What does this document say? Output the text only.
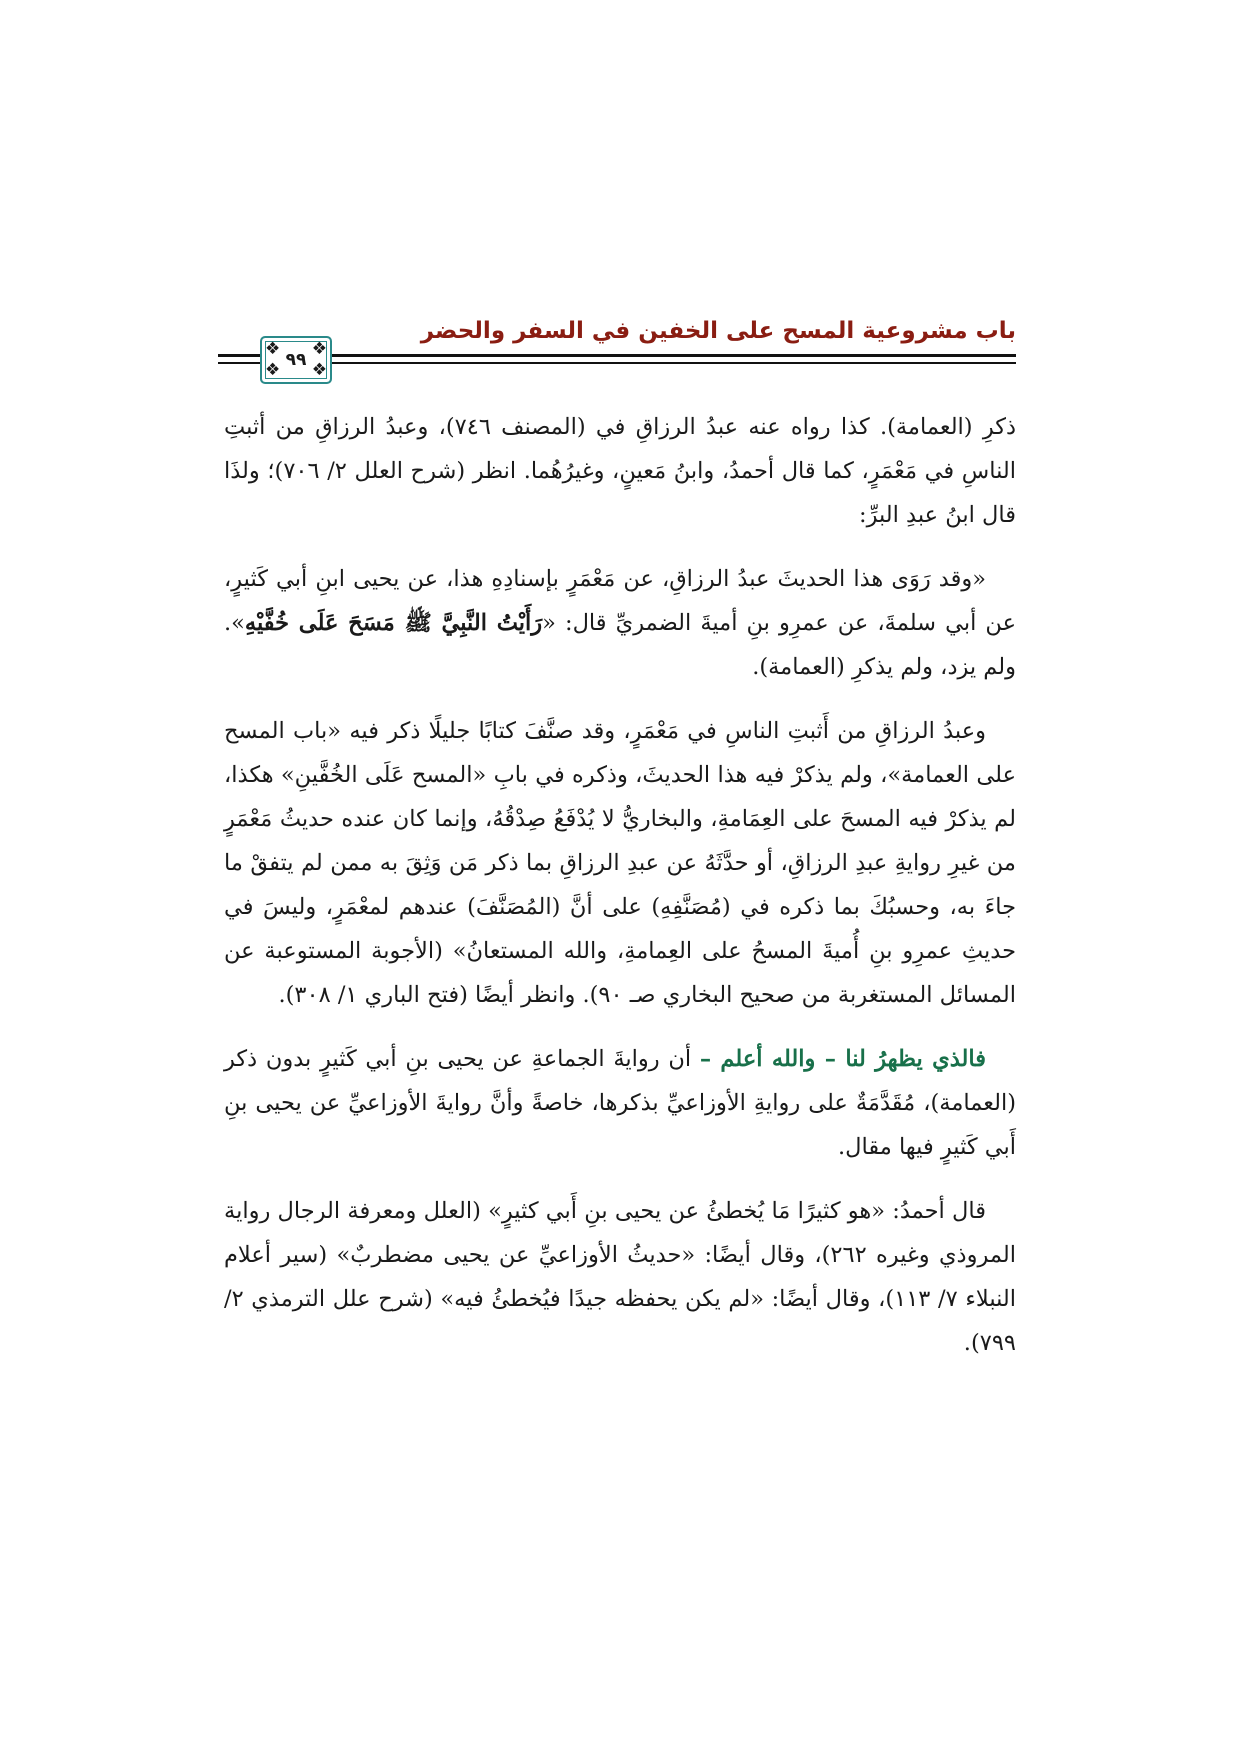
باب مشروعية المسح على الخفين في السفر والحضر
❖ ❖
❖ ❖
٩٩

ذكرِ (العمامة). كذا رواه عنه عبدُ الرزاقِ في (المصنف ٧٤٦)، وعبدُ الرزاقِ من أثبتِ الناسِ في مَعْمَرٍ، كما قال أحمدُ، وابنُ مَعينٍ، وغيرُهُما. انظر (شرح العلل ٢/ ٧٠٦)؛ ولذَا قال ابنُ عبدِ البرِّ:

«وقد رَوَى هذا الحديثَ عبدُ الرزاقِ، عن مَعْمَرٍ بإسنادِهِ هذا، عن يحيى ابنِ أبي كَثيرٍ، عن أبي سلمةَ، عن عمرِو بنِ أميةَ الضمريِّ قال: «رَأَيْتُ النَّبِيَّ ﷺ مَسَحَ عَلَى خُفَّيْهِ». ولم يزد، ولم يذكرِ (العمامة).

وعبدُ الرزاقِ من أَثبتِ الناسِ في مَعْمَرٍ، وقد صنَّفَ كتابًا جليلًا ذكر فيه «باب المسح على العمامة»، ولم يذكرْ فيه هذا الحديثَ، وذكره في بابِ «المسح عَلَى الخُفَّينِ» هكذا، لم يذكرْ فيه المسحَ على العِمَامةِ، والبخاريُّ لا يُدْفَعُ صِدْقُهُ، وإنما كان عنده حديثُ مَعْمَرٍ من غيرِ روايةِ عبدِ الرزاقِ، أو حدَّثَهُ عن عبدِ الرزاقِ بما ذكر مَن وَثِقَ به ممن لم يتفقْ ما جاءَ به، وحسبُكَ بما ذكره في (مُصَنَّفِهِ) على أنَّ (المُصَنَّفَ) عندهم لمعْمَرٍ، وليسَ في حديثِ عمرِو بنِ أُميةَ المسحُ على العِمامةِ، والله المستعانُ» (الأجوبة المستوعبة عن المسائل المستغربة من صحيح البخاري صـ ٩٠). وانظر أيضًا (فتح الباري ١/ ٣٠٨).

فالذي يظهرُ لنا – والله أعلم – أن روايةَ الجماعةِ عن يحيى بنِ أبي كَثيرٍ بدون ذكر (العمامة)، مُقَدَّمَةٌ على روايةِ الأوزاعيِّ بذكرها، خاصةً وأنَّ روايةَ الأوزاعيِّ عن يحيى بنِ أَبي كَثيرٍ فيها مقال.

قال أحمدُ: «هو كثيرًا مَا يُخطئُ عن يحيى بنِ أَبي كثيرٍ» (العلل ومعرفة الرجال رواية المروذي وغيره ٢٦٢)، وقال أيضًا: «حديثُ الأوزاعيِّ عن يحيى مضطربٌ» (سير أعلام النبلاء ٧/ ١١٣)، وقال أيضًا: «لم يكن يحفظه جيدًا فيُخطئُ فيه» (شرح علل الترمذي ٢/ ٧٩٩).
